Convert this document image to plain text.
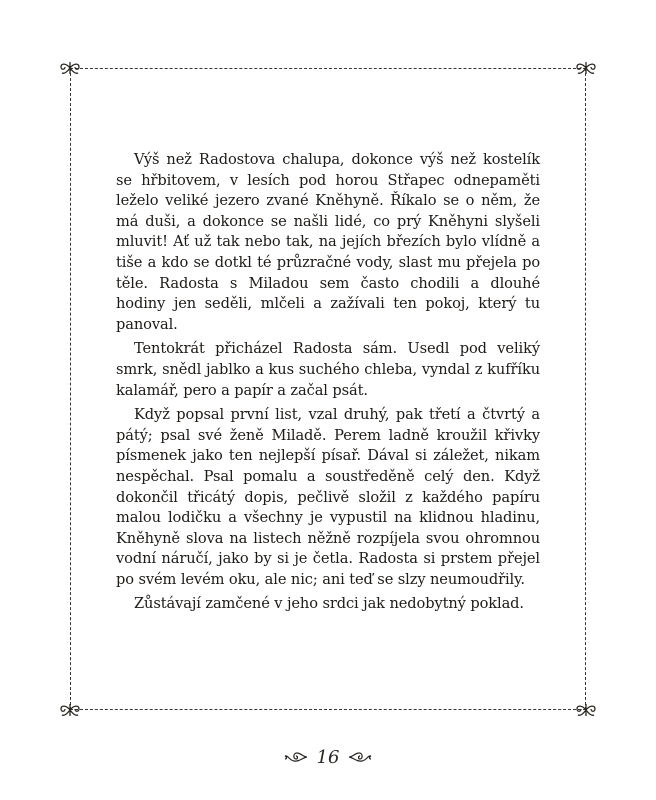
Výš než Radostova chalupa, dokonce výš než kostelík se hřbitovem, v lesích pod horou Střapec odnepaměti leželo veliké jezero zvané Kněhyně. Říkalo se o něm, že má duši, a dokonce se našli lidé, co prý Kněhyni slyšeli mluvit! Ať už tak nebo tak, na jejích březích bylo vlídně a tiše a kdo se dotkl té průzračné vody, slast mu přejela po těle. Radosta s Miladou sem často chodili a dlouhé hodiny jen seděli, mlčeli a zažívali ten pokoj, který tu panoval.

Tentokrát přicházel Radosta sám. Usedl pod veliký smrk, snědl jablko a kus suchého chleba, vyndal z kufříku kalamář, pero a papír a začal psát.

Když popsal první list, vzal druhý, pak třetí a čtvrtý a pátý; psal své ženě Miladě. Perem ladně kroužil křivky písmenek jako ten nejlepší písař. Dával si záležet, nikam nespěchal. Psal pomalu a soustředěně celý den. Když dokončil třicátý dopis, pečlivě složil z každého papíru malou lodičku a všechny je vypustil na klidnou hladinu, Kněhyně slova na listech něžně rozpíjela svou ohromnou vodní náručí, jako by si je četla. Radosta si prstem přejel po svém levém oku, ale nic; ani teď se slzy neumoudřily.

Zůstávají zamčené v jeho srdci jak nedobytný poklad.

16
